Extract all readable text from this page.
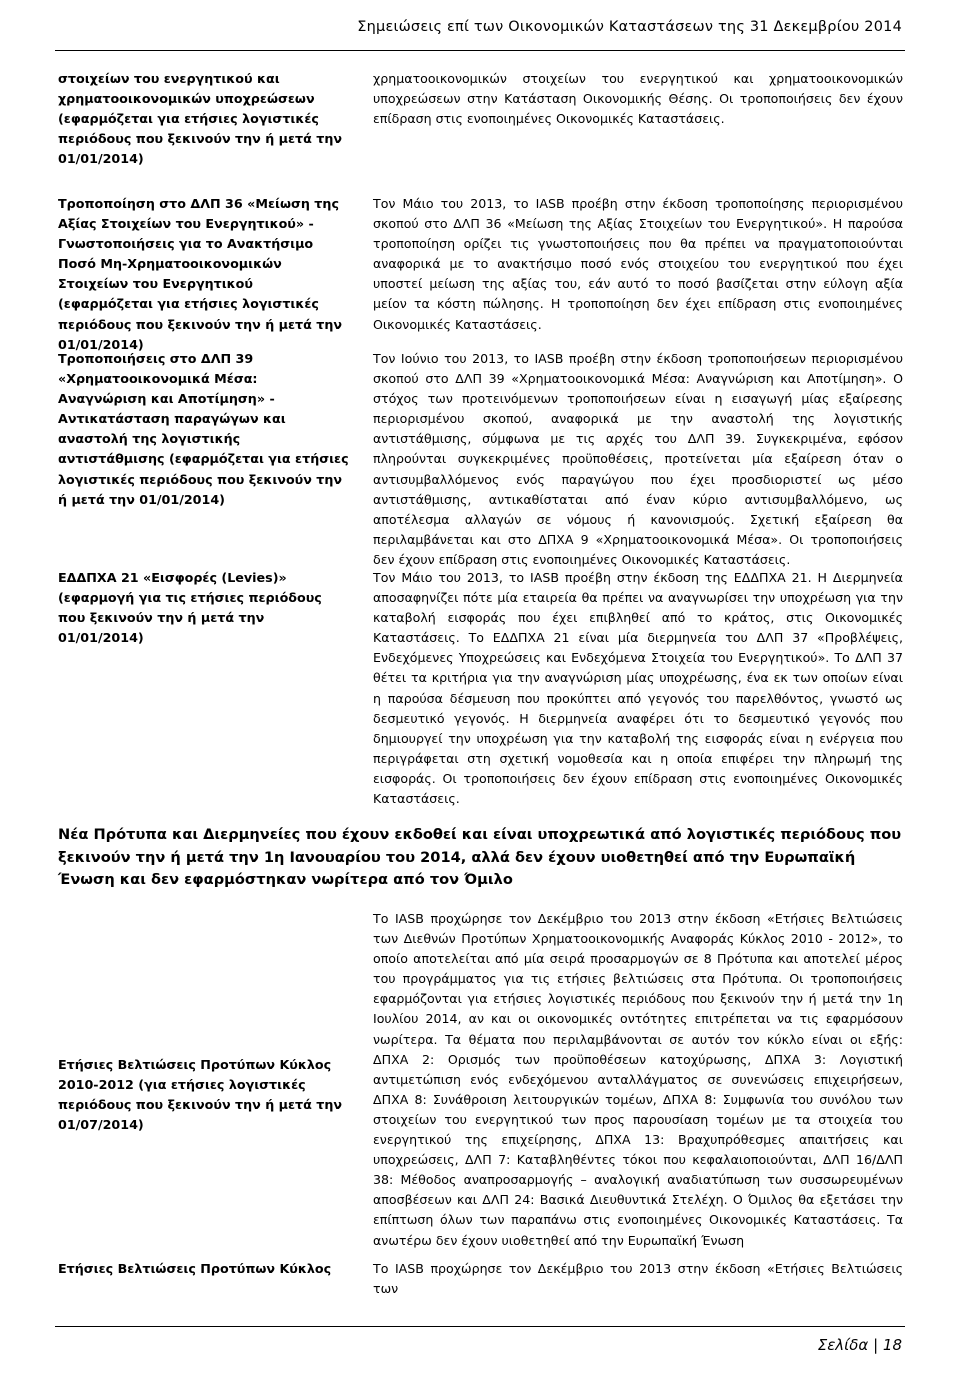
Σημειώσεις επί των Οικονομικών Καταστάσεων της 31 Δεκεμβρίου 2014
στοιχείων του ενεργητικού και χρηματοοικονομικών υποχρεώσεων (εφαρμόζεται για ετήσιες λογιστικές περιόδους που ξεκινούν την ή μετά την 01/01/2014)
χρηματοοικονομικών στοιχείων του ενεργητικού και χρηματοοικονομικών υποχρεώσεων στην Κατάσταση Οικονομικής Θέσης. Οι τροποποιήσεις δεν έχουν επίδραση στις ενοποιημένες Οικονομικές Καταστάσεις.
Τροποποίηση στο ΔΛΠ 36 «Μείωση της Αξίας Στοιχείων του Ενεργητικού» - Γνωστοποιήσεις για το Ανακτήσιμο Ποσό Μη-Χρηματοοικονομικών Στοιχείων του Ενεργητικού (εφαρμόζεται για ετήσιες λογιστικές περιόδους που ξεκινούν την ή μετά την 01/01/2014)
Τον Μάιο του 2013, το IASB προέβη στην έκδοση τροποποίησης περιορισμένου σκοπού στο ΔΛΠ 36 «Μείωση της Αξίας Στοιχείων του Ενεργητικού». Η παρούσα τροποποίηση ορίζει τις γνωστοποιήσεις που θα πρέπει να πραγματοποιούνται αναφορικά με το ανακτήσιμο ποσό ενός στοιχείου του ενεργητικού που έχει υποστεί μείωση της αξίας του, εάν αυτό το ποσό βασίζεται στην εύλογη αξία μείον τα κόστη πώλησης. Η τροποποίηση δεν έχει επίδραση στις ενοποιημένες Οικονομικές Καταστάσεις.
Τροποποιήσεις στο ΔΛΠ 39 «Χρηματοοικονομικά Μέσα: Αναγνώριση και Αποτίμηση» - Αντικατάσταση παραγώγων και αναστολή της λογιστικής αντιστάθμισης (εφαρμόζεται για ετήσιες λογιστικές περιόδους που ξεκινούν την ή μετά την 01/01/2014)
Τον Ιούνιο του 2013, το IASB προέβη στην έκδοση τροποποιήσεων περιορισμένου σκοπού στο ΔΛΠ 39 «Χρηματοοικονομικά Μέσα: Αναγνώριση και Αποτίμηση». Ο στόχος των προτεινόμενων τροποποιήσεων είναι η εισαγωγή μίας εξαίρεσης περιορισμένου σκοπού, αναφορικά με την αναστολή της λογιστικής αντιστάθμισης, σύμφωνα με τις αρχές του ΔΛΠ 39. Συγκεκριμένα, εφόσον πληρούνται συγκεκριμένες προϋποθέσεις, προτείνεται μία εξαίρεση όταν ο αντισυμβαλλόμενος ενός παραγώγου που έχει προσδιοριστεί ως μέσο αντιστάθμισης, αντικαθίσταται από έναν κύριο αντισυμβαλλόμενο, ως αποτέλεσμα αλλαγών σε νόμους ή κανονισμούς. Σχετική εξαίρεση θα περιλαμβάνεται και στο ΔΠΧΑ 9 «Χρηματοοικονομικά Μέσα». Οι τροποποιήσεις δεν έχουν επίδραση στις ενοποιημένες Οικονομικές Καταστάσεις.
ΕΔΔΠΧΑ 21 «Εισφορές (Levies)» (εφαρμογή για τις ετήσιες περιόδους που ξεκινούν την ή μετά την 01/01/2014)
Τον Μάιο του 2013, το IASB προέβη στην έκδοση της ΕΔΔΠΧΑ 21. Η Διερμηνεία αποσαφηνίζει πότε μία εταιρεία θα πρέπει να αναγνωρίσει την υποχρέωση για την καταβολή εισφοράς που έχει επιβληθεί από το κράτος, στις Οικονομικές Καταστάσεις. Το ΕΔΔΠΧΑ 21 είναι μία διερμηνεία του ΔΛΠ 37 «Προβλέψεις, Ενδεχόμενες Υποχρεώσεις και Ενδεχόμενα Στοιχεία του Ενεργητικού». Το ΔΛΠ 37 θέτει τα κριτήρια για την αναγνώριση μίας υποχρέωσης, ένα εκ των οποίων είναι η παρούσα δέσμευση που προκύπτει από γεγονός του παρελθόντος, γνωστό ως δεσμευτικό γεγονός. Η διερμηνεία αναφέρει ότι το δεσμευτικό γεγονός που δημιουργεί την υποχρέωση για την καταβολή της εισφοράς είναι η ενέργεια που περιγράφεται στη σχετική νομοθεσία και η οποία επιφέρει την πληρωμή της εισφοράς. Οι τροποποιήσεις δεν έχουν επίδραση στις ενοποιημένες Οικονομικές Καταστάσεις.
Νέα Πρότυπα και Διερμηνείες που έχουν εκδοθεί και είναι υποχρεωτικά από λογιστικές περιόδους που ξεκινούν την ή μετά την 1η Ιανουαρίου του 2014, αλλά δεν έχουν υιοθετηθεί από την Ευρωπαϊκή Ένωση και δεν εφαρμόστηκαν νωρίτερα από τον Όμιλο
Ετήσιες Βελτιώσεις Προτύπων Κύκλος 2010-2012 (για ετήσιες λογιστικές περιόδους που ξεκινούν την ή μετά την 01/07/2014)
Το IASB προχώρησε τον Δεκέμβριο του 2013 στην έκδοση «Ετήσιες Βελτιώσεις των Διεθνών Προτύπων Χρηματοοικονομικής Αναφοράς Κύκλος 2010 - 2012», το οποίο αποτελείται από μία σειρά προσαρμογών σε 8 Πρότυπα και αποτελεί μέρος του προγράμματος για τις ετήσιες βελτιώσεις στα Πρότυπα. Οι τροποποιήσεις εφαρμόζονται για ετήσιες λογιστικές περιόδους που ξεκινούν την ή μετά την 1η Ιουλίου 2014, αν και οι οικονομικές οντότητες επιτρέπεται να τις εφαρμόσουν νωρίτερα. Τα θέματα που περιλαμβάνονται σε αυτόν τον κύκλο είναι οι εξής: ΔΠΧΑ 2: Ορισμός των προϋποθέσεων κατοχύρωσης, ΔΠΧΑ 3: Λογιστική αντιμετώπιση ενός ενδεχόμενου ανταλλάγματος σε συνενώσεις επιχειρήσεων, ΔΠΧΑ 8: Συνάθροιση λειτουργικών τομέων, ΔΠΧΑ 8: Συμφωνία του συνόλου των στοιχείων του ενεργητικού των προς παρουσίαση τομέων με τα στοιχεία του ενεργητικού της επιχείρησης, ΔΠΧΑ 13: Βραχυπρόθεσμες απαιτήσεις και υποχρεώσεις, ΔΛΠ 7: Καταβληθέντες τόκοι που κεφαλαιοποιούνται, ΔΛΠ 16/ΔΛΠ 38: Μέθοδος αναπροσαρμογής – αναλογική αναδιατύπωση των συσσωρευμένων αποσβέσεων και ΔΛΠ 24: Βασικά Διευθυντικά Στελέχη. Ο Όμιλος θα εξετάσει την επίπτωση όλων των παραπάνω στις ενοποιημένες Οικονομικές Καταστάσεις. Τα ανωτέρω δεν έχουν υιοθετηθεί από την Ευρωπαϊκή Ένωση
Ετήσιες Βελτιώσεις Προτύπων Κύκλος	Το IASB προχώρησε τον Δεκέμβριο του 2013 στην έκδοση «Ετήσιες Βελτιώσεις των
Σελίδα | 18
